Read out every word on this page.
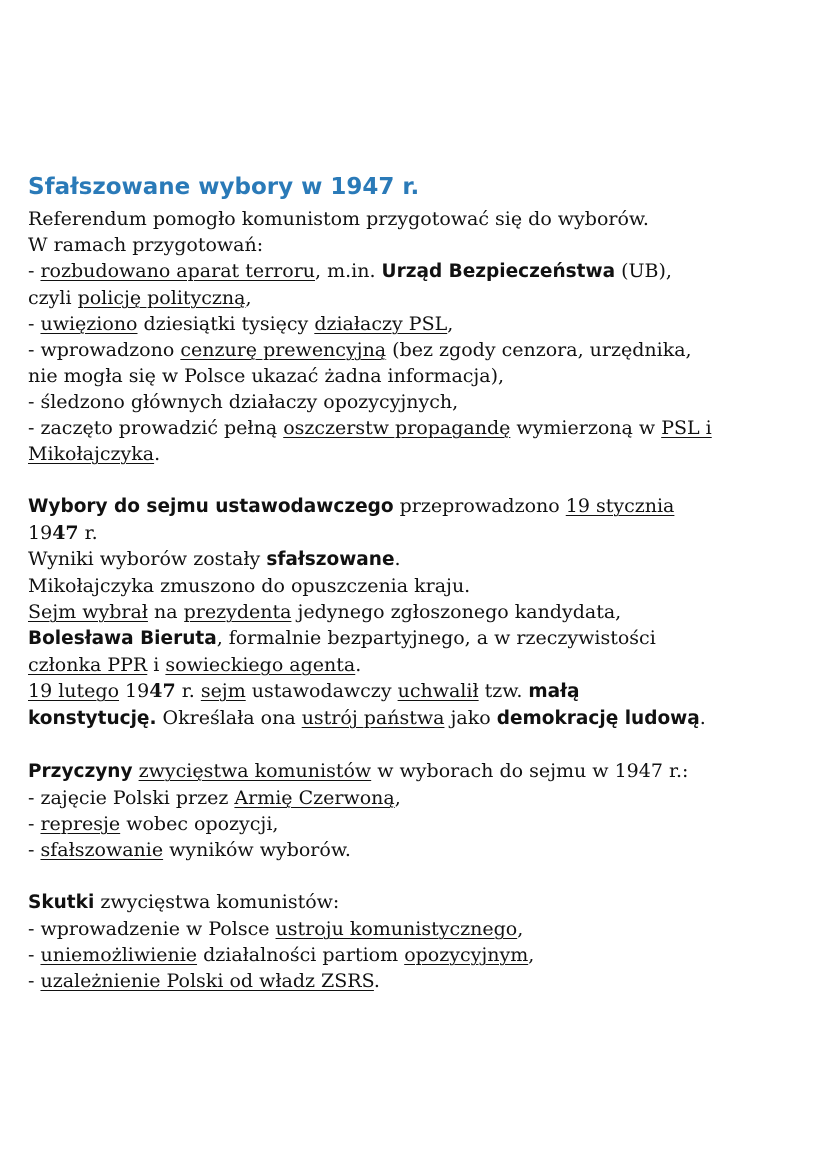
Sfałszowane wybory w 1947 r.
Referendum pomogło komunistom przygotować się do wyborów.
W ramach przygotowań:
- rozbudowano aparat terroru, m.in. Urząd Bezpieczeństwa (UB),
czyli policję polityczną,
- uwięziono dziesiątki tysięcy działaczy PSL,
- wprowadzono cenzurę prewencyjną (bez zgody cenzora, urzędnika,
nie mogła się w Polsce ukazać żadna informacja),
- śledzono głównych działaczy opozycyjnych,
- zaczęto prowadzić pełną oszczerstw propagandę wymierzoną w PSL i
Mikołajczyka.
Wybory do sejmu ustawodawczego przeprowadzono 19 stycznia
1947 r.
Wyniki wyborów zostały sfałszowane.
Mikołajczyka zmuszono do opuszczenia kraju.
Sejm wybrał na prezydenta jedynego zgłoszonego kandydata,
Bolesława Bieruta, formalnie bezpartyjnego, a w rzeczywistości
członka PPR i sowieckiego agenta.
19 lutego 1947 r. sejm ustawodawczy uchwalił tzw. małą
konstytucję. Określała ona ustrój państwa jako demokrację ludową.
Przyczyny zwycięstwa komunistów w wyborach do sejmu w 1947 r.:
- zajęcie Polski przez Armię Czerwoną,
- represje wobec opozycji,
- sfałszowanie wyników wyborów.
Skutki zwycięstwa komunistów:
- wprowadzenie w Polsce ustroju komunistycznego,
- uniemożliwienie działalności partiom opozycyjnym,
- uzależnienie Polski od władz ZSRS.
